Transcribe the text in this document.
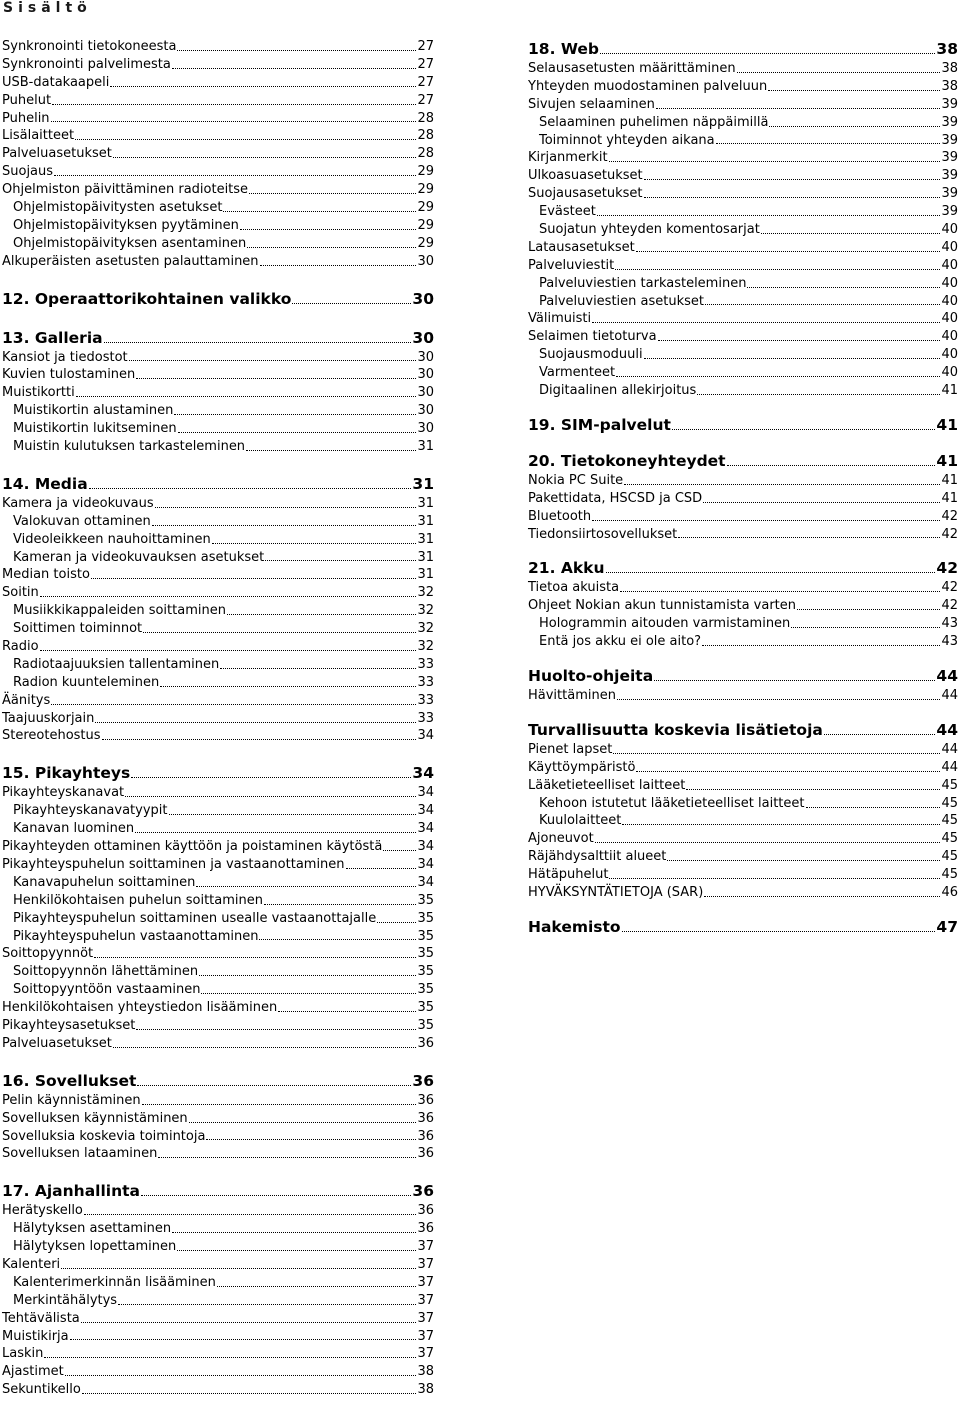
Sisältö
Synkronointi tietokoneesta	27
Synkronointi palvelimesta	27
USB-datakaapeli	27
Puhelut	27
Puhelin	28
Lisälaitteet	28
Palveluasetukset	28
Suojaus	29
Ohjelmiston päivittäminen radioteitse	29
Ohjelmistopäivitysten asetukset	29
Ohjelmistopäivityksen pyytäminen	29
Ohjelmistopäivityksen asentaminen	29
Alkuperäisten asetusten palauttaminen	30
12. Operaattorikohtainen valikko	30
13. Galleria	30
Kansiot ja tiedostot	30
Kuvien tulostaminen	30
Muistikortti	30
Muistikortin alustaminen	30
Muistikortin lukitseminen	30
Muistin kulutuksen tarkasteleminen	31
14. Media	31
Kamera ja videokuvaus	31
Valokuvan ottaminen	31
Videoleikkeen nauhoittaminen	31
Kameran ja videokuvauksen asetukset	31
Median toisto	31
Soitin	32
Musiikkikappaleiden soittaminen	32
Soittimen toiminnot	32
Radio	32
Radiotaajuuksien tallentaminen	33
Radion kuunteleminen	33
Äänitys	33
Taajuuskorjain	33
Stereotehostus	34
15. Pikayhteys	34
Pikayhteyskanavat	34
Pikayhteyskanavatyypit	34
Kanavan luominen	34
Pikayhteyden ottaminen käyttöön ja poistaminen käytöstä	34
Pikayhteyspuhelun soittaminen ja vastaanottaminen	34
Kanavapuhelun soittaminen	34
Henkilökohtaisen puhelun soittaminen	35
Pikayhteyspuhelun soittaminen usealle vastaanottajalle	35
Pikayhteyspuhelun vastaanottaminen	35
Soittopyynnöt	35
Soittopyynnön lähettäminen	35
Soittopyyntöön vastaaminen	35
Henkilökohtaisen yhteystiedon lisääminen	35
Pikayhteysasetukset	35
Palveluasetukset	36
16. Sovellukset	36
Pelin käynnistäminen	36
Sovelluksen käynnistäminen	36
Sovelluksia koskevia toimintoja	36
Sovelluksen lataaminen	36
17. Ajanhallinta	36
Herätyskello	36
Hälytyksen asettaminen	36
Hälytyksen lopettaminen	37
Kalenteri	37
Kalenterimerkinnän lisääminen	37
Merkintähälytys	37
Tehtävälista	37
Muistikirja	37
Laskin	37
Ajastimet	38
Sekuntikello	38
18. Web	38
Selausasetusten määrittäminen	38
Yhteyden muodostaminen palveluun	38
Sivujen selaaminen	39
Selaaminen puhelimen näppäimillä	39
Toiminnot yhteyden aikana	39
Kirjanmerkit	39
Ulkoasuasetukset	39
Suojausasetukset	39
Evästeet	39
Suojatun yhteyden komentosarjat	40
Latausasetukset	40
Palveluviestit	40
Palveluviestien tarkasteleminen	40
Palveluviestien asetukset	40
Välimuisti	40
Selaimen tietoturva	40
Suojausmoduuli	40
Varmenteet	40
Digitaalinen allekirjoitus	41
19. SIM-palvelut	41
20. Tietokoneyhteydet	41
Nokia PC Suite	41
Pakettidata, HSCSD ja CSD	41
Bluetooth	42
Tiedonsiirtosovellukset	42
21. Akku	42
Tietoa akuista	42
Ohjeet Nokian akun tunnistamista varten	42
Hologrammin aitouden varmistaminen	43
Entä jos akku ei ole aito?	43
Huolto-ohjeita	44
Hävittäminen	44
Turvallisuutta koskevia lisätietoja	44
Pienet lapset	44
Käyttöympäristö	44
Lääketieteelliset laitteet	45
Kehoon istutetut lääketieteelliset laitteet	45
Kuulolaitteet	45
Ajoneuvot	45
Räjähdysalttiit alueet	45
Hätäpuhelut	45
HYVÄKSYNTÄTIETOJA (SAR)	46
Hakemisto	47
